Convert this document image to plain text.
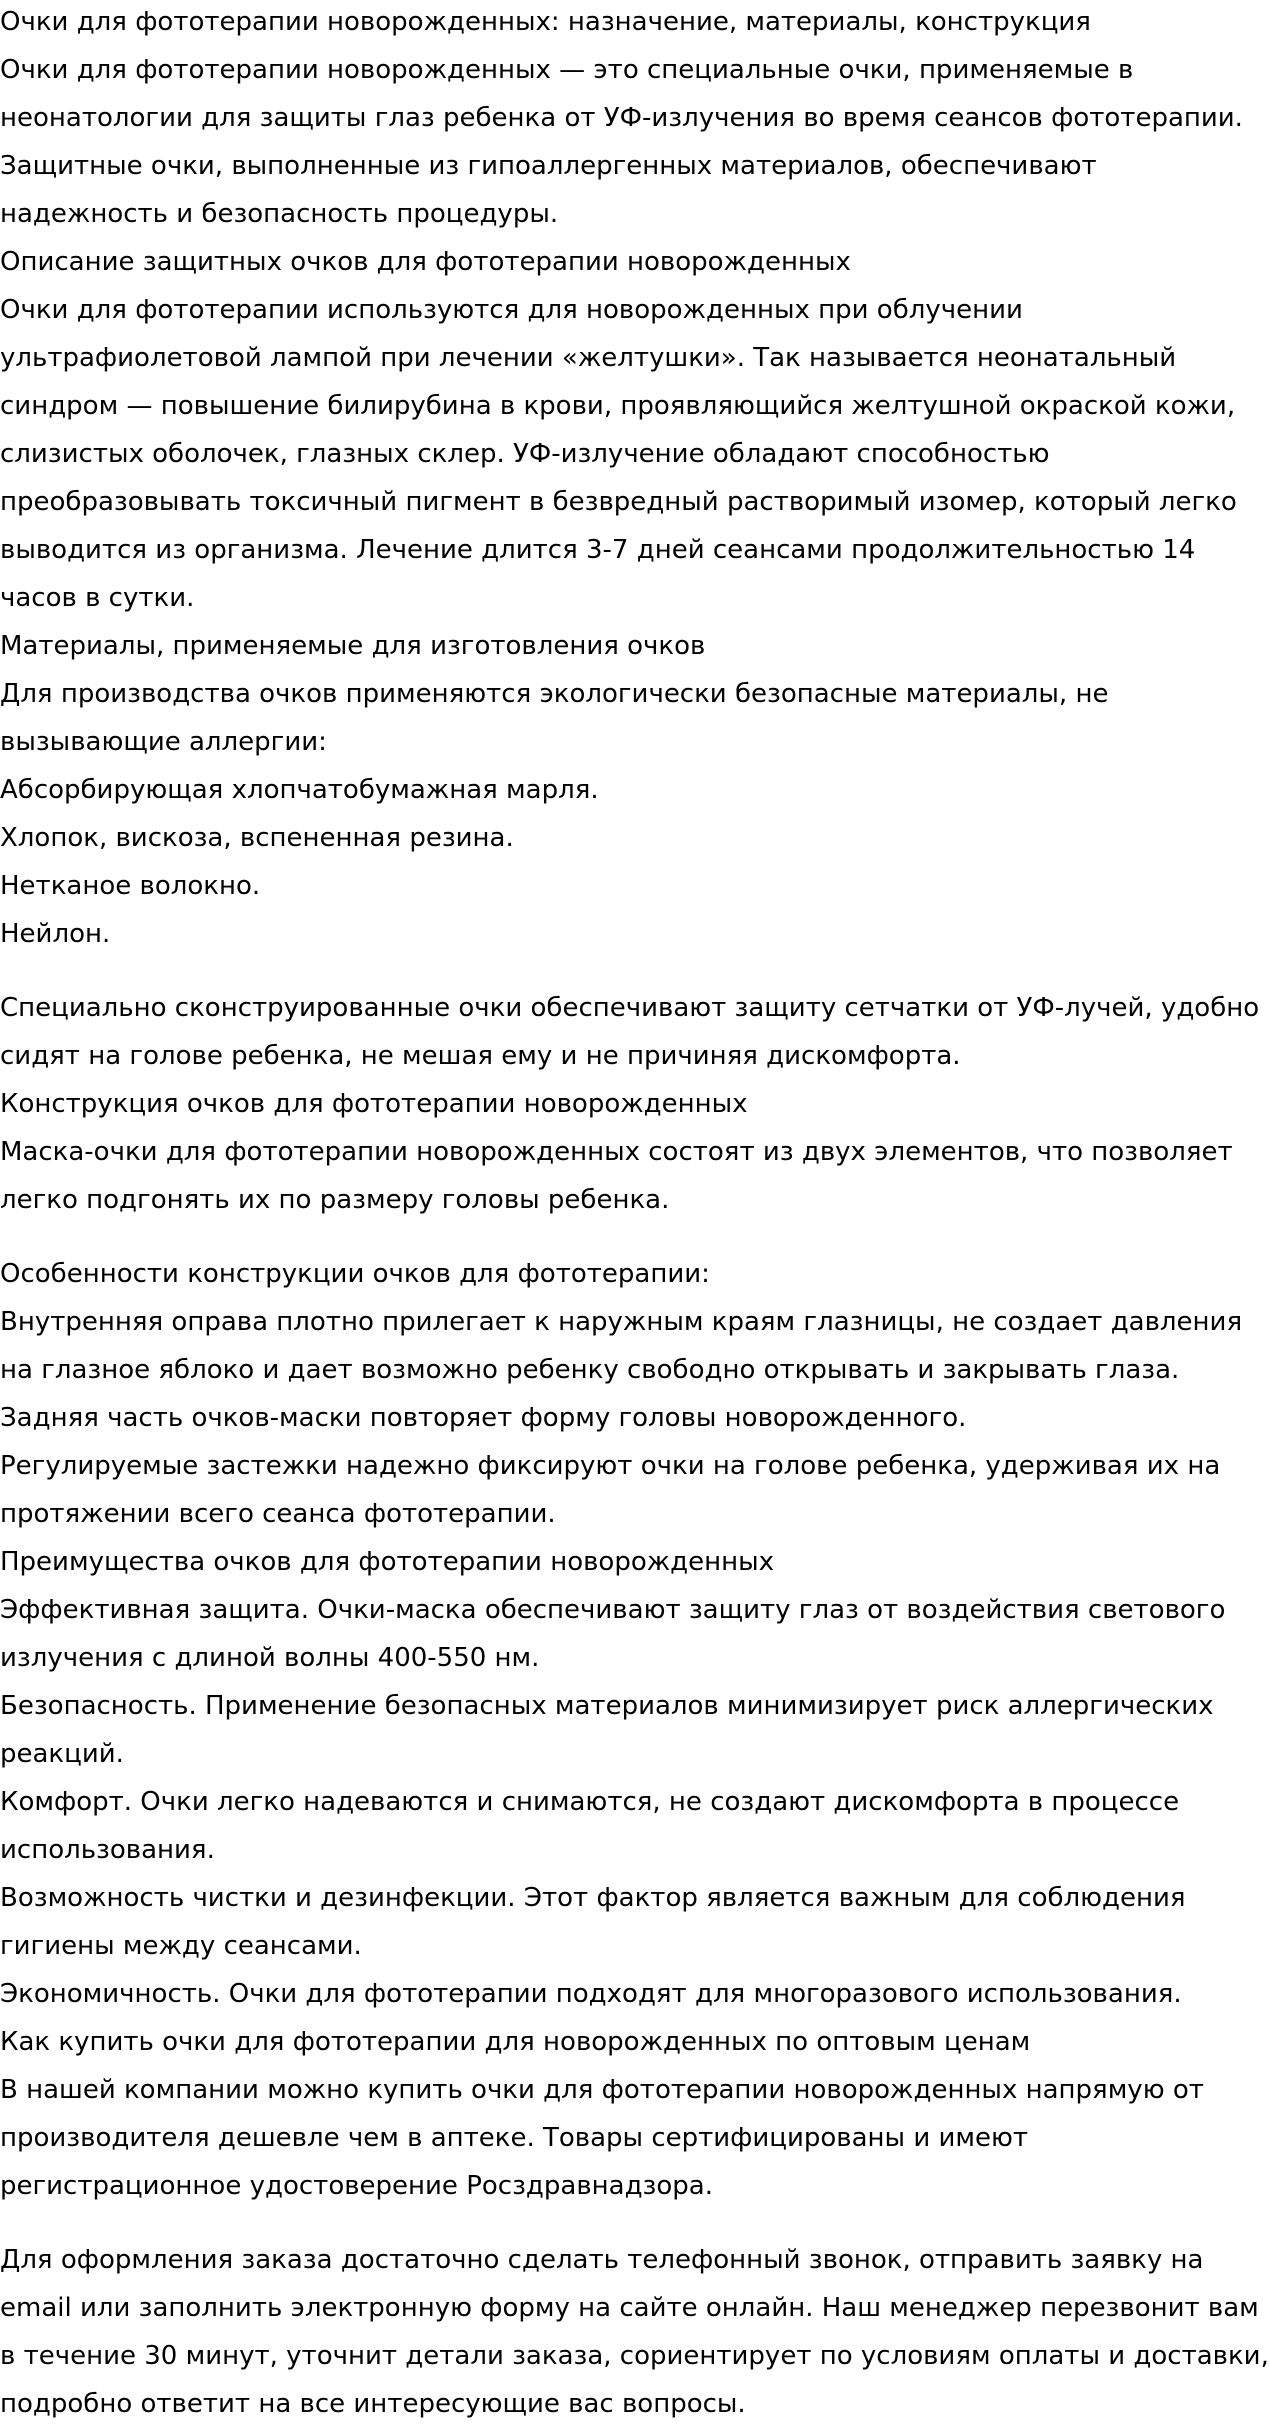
Очки для фототерапии новорожденных: назначение, материалы, конструкция

Очки для фототерапии новорожденных — это специальные очки, применяемые в неонатологии для защиты глаз ребенка от УФ-излучения во время сеансов фототерапии. Защитные очки, выполненные из гипоаллергенных материалов, обеспечивают надежность и безопасность процедуры.

Описание защитных очков для фототерапии новорожденных

Очки для фототерапии используются для новорожденных при облучении ультрафиолетовой лампой при лечении «желтушки». Так называется неонатальный синдром — повышение билирубина в крови, проявляющийся желтушной окраской кожи, слизистых оболочек, глазных склер. УФ-излучение обладают способностью преобразовывать токсичный пигмент в безвредный растворимый изомер, который легко выводится из организма. Лечение длится 3-7 дней сеансами продолжительностью 14 часов в сутки.

Материалы, применяемые для изготовления очков

Для производства очков применяются экологически безопасные материалы, не вызывающие аллергии:

Абсорбирующая хлопчатобумажная марля.

Хлопок, вискоза, вспененная резина.

Нетканое волокно.

Нейлон.

Специально сконструированные очки обеспечивают защиту сетчатки от УФ-лучей, удобно сидят на голове ребенка, не мешая ему и не причиняя дискомфорта.

Конструкция очков для фототерапии новорожденных

Маска-очки для фототерапии новорожденных состоят из двух элементов, что позволяет легко подгонять их по размеру головы ребенка.

Особенности конструкции очков для фототерапии:

Внутренняя оправа плотно прилегает к наружным краям глазницы, не создает давления на глазное яблоко и дает возможно ребенку свободно открывать и закрывать глаза.

Задняя часть очков-маски повторяет форму головы новорожденного.

Регулируемые застежки надежно фиксируют очки на голове ребенка, удерживая их на протяжении всего сеанса фототерапии.

Преимущества очков для фототерапии новорожденных

Эффективная защита. Очки-маска обеспечивают защиту глаз от воздействия светового излучения с длиной волны 400-550 нм.

Безопасность. Применение безопасных материалов минимизирует риск аллергических реакций.

Комфорт. Очки легко надеваются и снимаются, не создают дискомфорта в процессе использования.

Возможность чистки и дезинфекции. Этот фактор является важным для соблюдения гигиены между сеансами.

Экономичность. Очки для фототерапии подходят для многоразового использования.

Как купить очки для фототерапии для новорожденных по оптовым ценам

В нашей компании можно купить очки для фототерапии новорожденных напрямую от производителя дешевле чем в аптеке. Товары сертифицированы и имеют регистрационное удостоверение Росздравнадзора.

Для оформления заказа достаточно сделать телефонный звонок, отправить заявку на email или заполнить электронную форму на сайте онлайн. Наш менеджер перезвонит вам в течение 30 минут, уточнит детали заказа, сориентирует по условиям оплаты и доставки, подробно ответит на все интересующие вас вопросы.
